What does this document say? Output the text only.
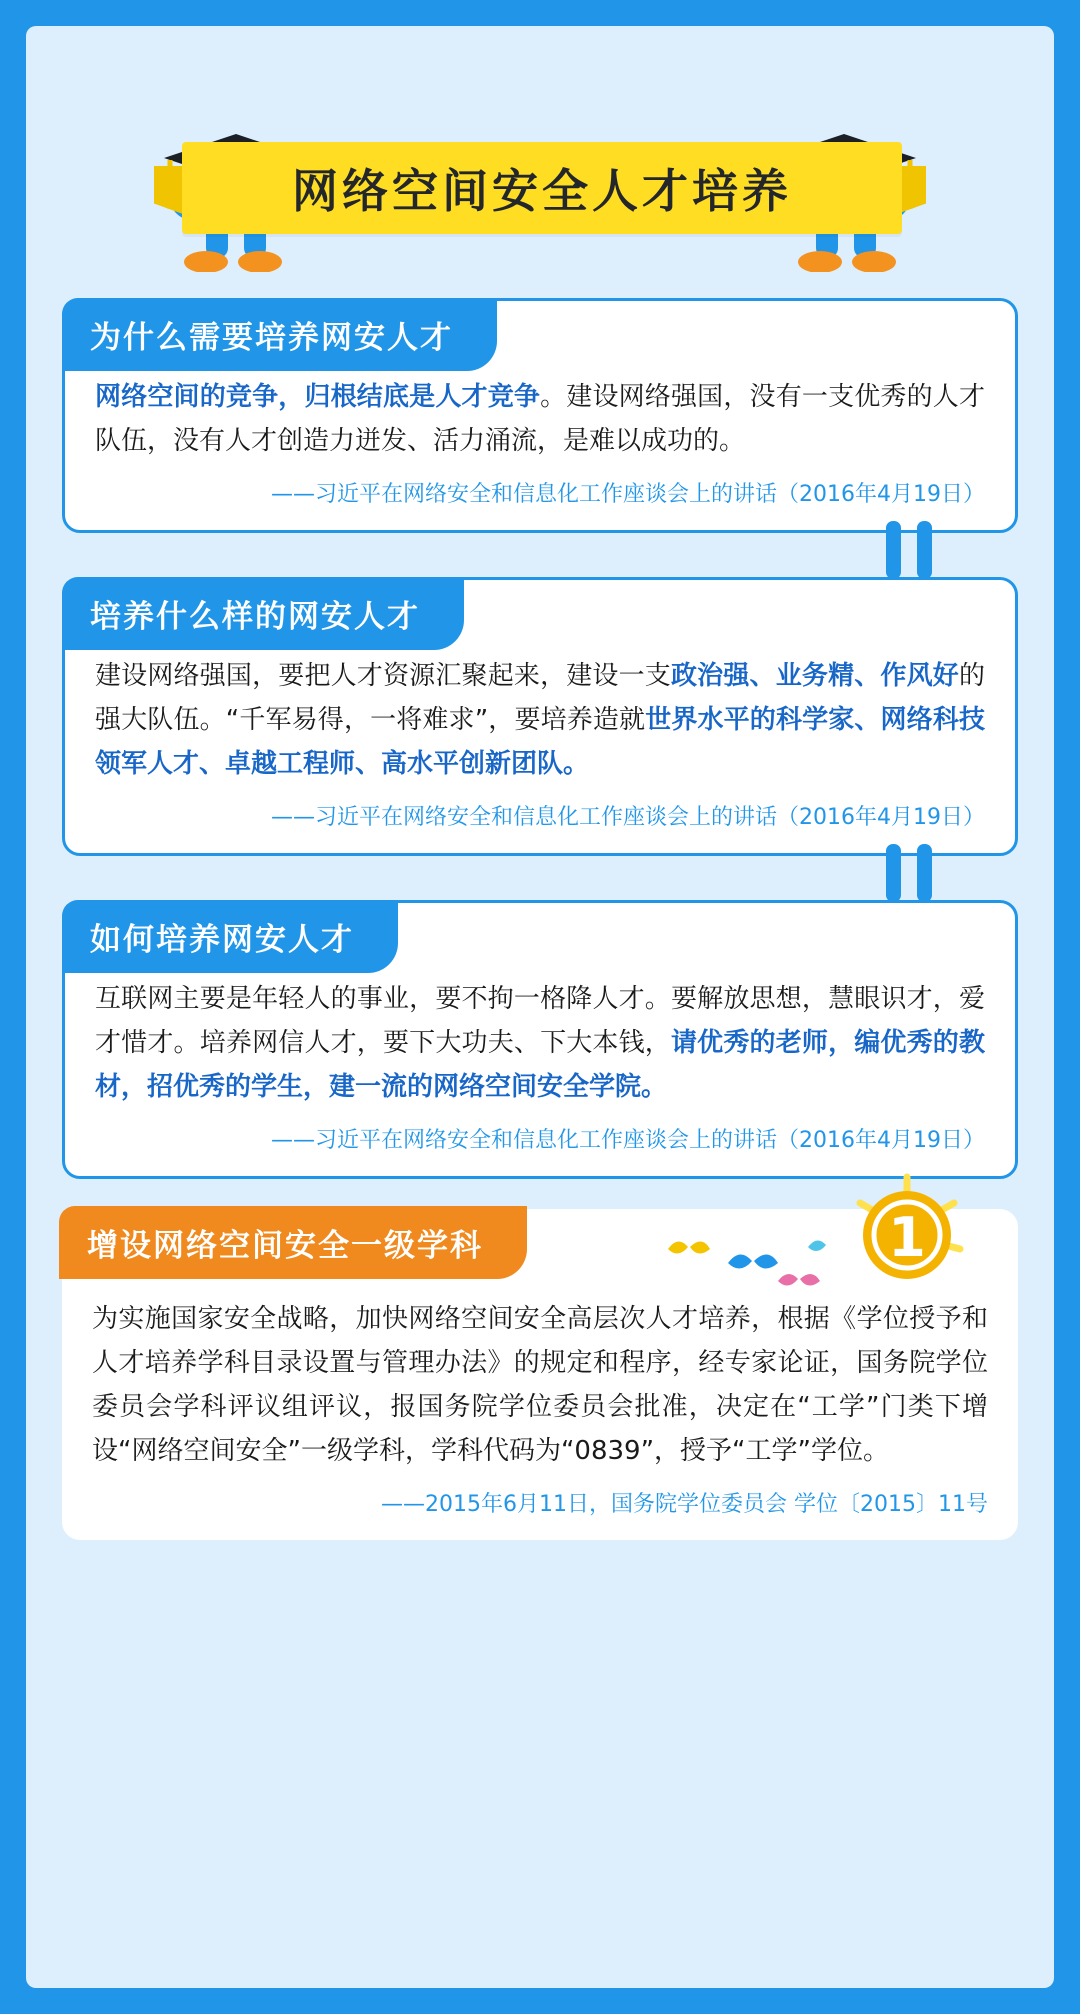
网络空间安全人才培养
为什么需要培养网安人才
网络空间的竞争，归根结底是人才竞争。建设网络强国，没有一支优秀的人才队伍，没有人才创造力迸发、活力涌流，是难以成功的。
——习近平在网络安全和信息化工作座谈会上的讲话（2016年4月19日）
培养什么样的网安人才
建设网络强国，要把人才资源汇聚起来，建设一支政治强、业务精、作风好的强大队伍。“千军易得，一将难求”，要培养造就世界水平的科学家、网络科技领军人才、卓越工程师、高水平创新团队。
——习近平在网络安全和信息化工作座谈会上的讲话（2016年4月19日）
如何培养网安人才
互联网主要是年轻人的事业，要不拘一格降人才。要解放思想，慧眼识才，爱才惜才。培养网信人才，要下大功夫、下大本钱，请优秀的老师，编优秀的教材，招优秀的学生，建一流的网络空间安全学院。
——习近平在网络安全和信息化工作座谈会上的讲话（2016年4月19日）
增设网络空间安全一级学科	1
为实施国家安全战略，加快网络空间安全高层次人才培养，根据《学位授予和人才培养学科目录设置与管理办法》的规定和程序，经专家论证，国务院学位委员会学科评议组评议，报国务院学位委员会批准，决定在“工学”门类下增设“网络空间安全”一级学科，学科代码为“0839”，授予“工学”学位。
——2015年6月11日，国务院学位委员会 学位〔2015〕11号
